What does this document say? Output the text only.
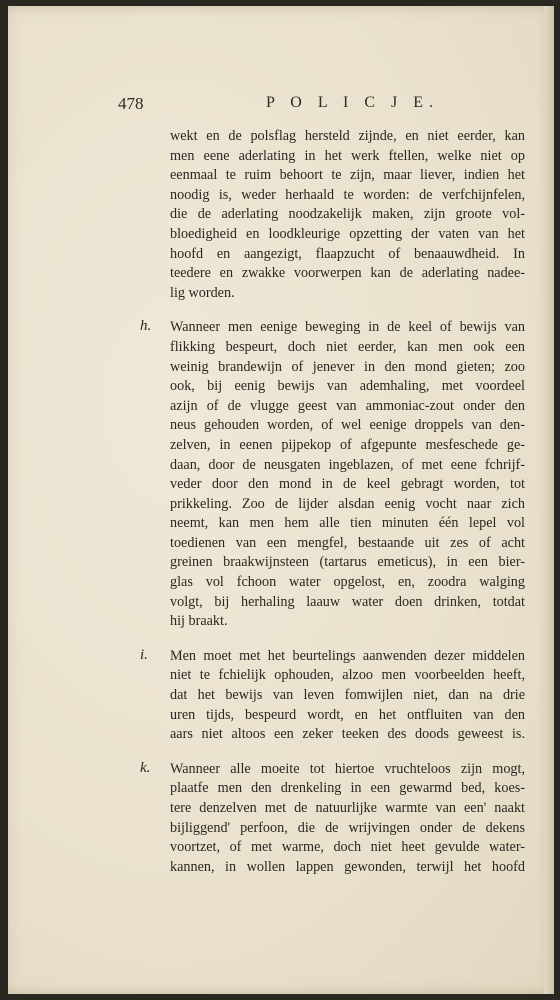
478	P O L I C J E.
wekt en de polsflag hersteld zijnde, en niet eerder, kan
men eene aderlating in het werk ftellen, welke niet op
eenmaal te ruim behoort te zijn, maar liever, indien het
noodig is, weder herhaald te worden: de verfchijnfelen,
die de aderlating noodzakelijk maken, zijn groote vol-
bloedigheid en loodkleurige opzetting der vaten van het
hoofd en aangezigt, flaapzucht of benaauwdheid. In
teedere en zwakke voorwerpen kan de aderlating nadee-
lig worden.
h. Wanneer men eenige beweging in de keel of bewijs van
flikking bespeurt, doch niet eerder, kan men ook een
weinig brandewijn of jenever in den mond gieten; zoo
ook, bij eenig bewijs van ademhaling, met voordeel
azijn of de vlugge geest van ammoniac-zout onder den
neus gehouden worden, of wel eenige droppels van den-
zelven, in eenen pijpekop of afgepunte mesfeschede ge-
daan, door de neusgaten ingeblazen, of met eene fchrijf-
veder door den mond in de keel gebragt worden, tot
prikkeling. Zoo de lijder alsdan eenig vocht naar zich
neemt, kan men hem alle tien minuten één lepel vol
toedienen van een mengfel, bestaande uit zes of acht
greinen braakwijnsteen (tartarus emeticus), in een bier-
glas vol fchoon water opgelost, en, zoodra walging
volgt, bij herhaling laauw water doen drinken, totdat
hij braakt.
i. Men moet met het beurtelings aanwenden dezer middelen
niet te fchielijk ophouden, alzoo men voorbeelden heeft,
dat het bewijs van leven fomwijlen niet, dan na drie
uren tijds, bespeurd wordt, en het ontfluiten van den
aars niet altoos een zeker teeken des doods geweest is.
k. Wanneer alle moeite tot hiertoe vruchteloos zijn mogt,
plaatfe men den drenkeling in een gewarmd bed, koes-
tere denzelven met de natuurlijke warmte van een' naakt
bijliggend' perfoon, die de wrijvingen onder de dekens
voortzet, of met warme, doch niet heet gevulde water-
kannen, in wollen lappen gewonden, terwijl het hoofd
